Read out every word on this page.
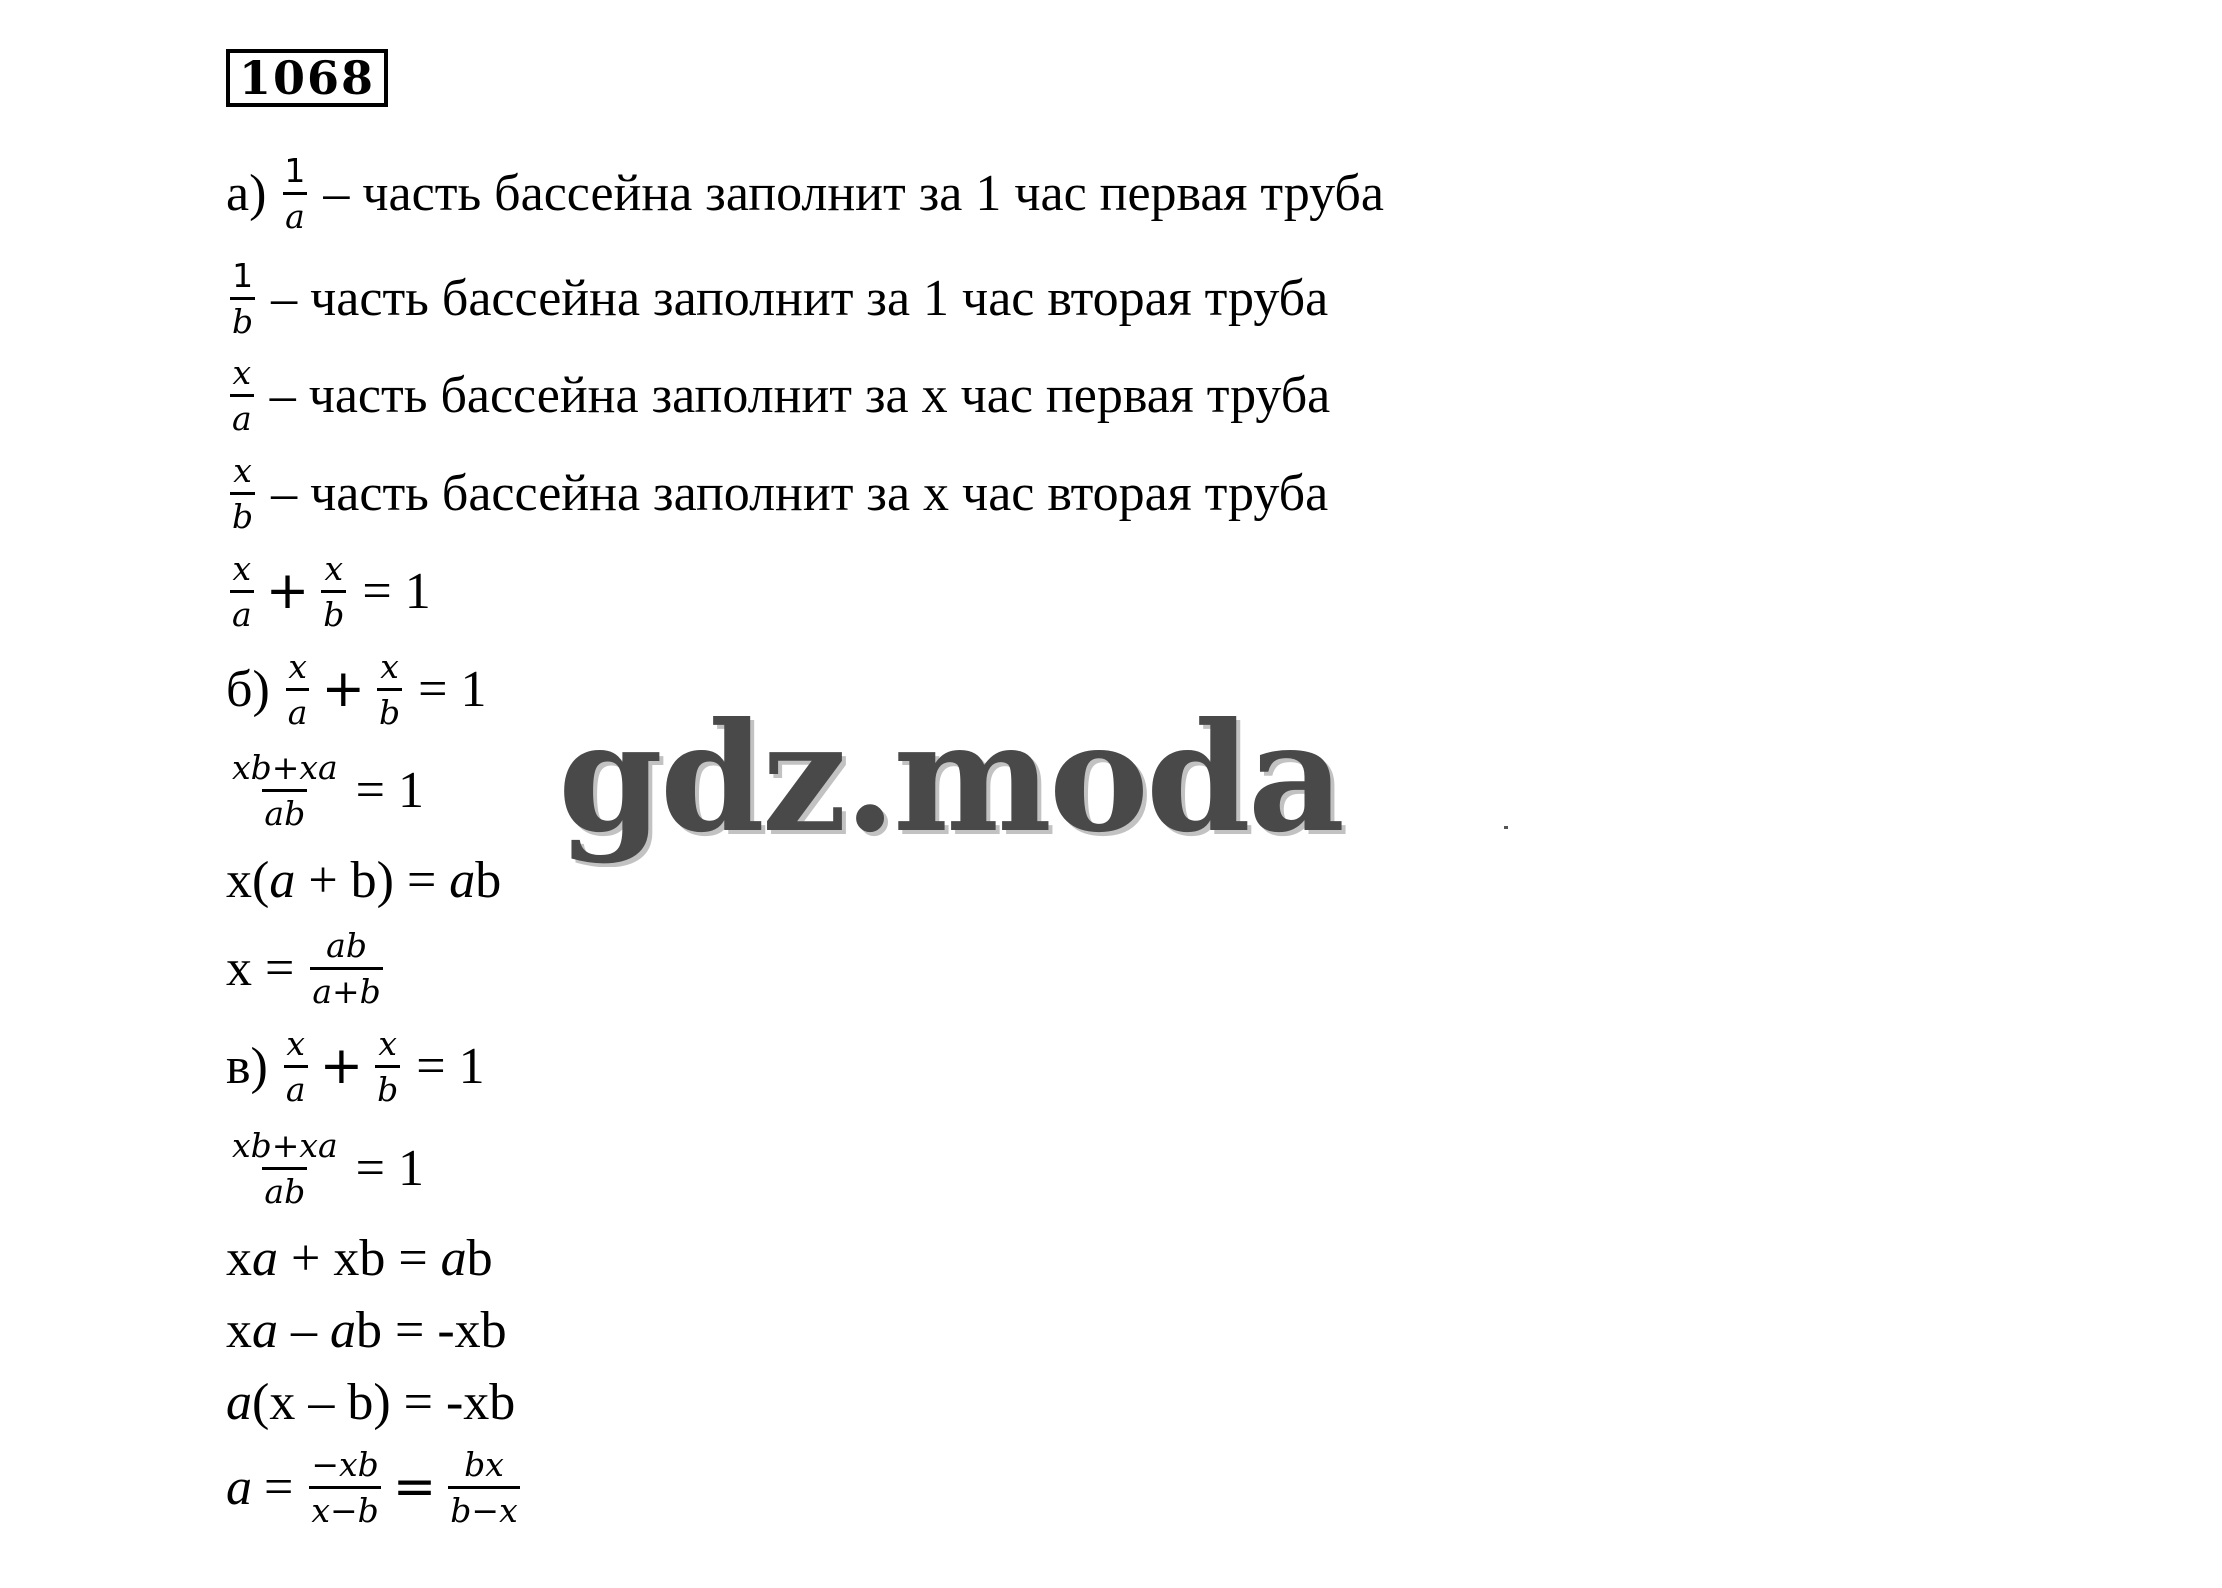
1068
$а) \frac{1}{a}$ – часть бассейна заполнит за 1 час первая труба
$\frac{1}{b}$ – часть бассейна заполнит за 1 час вторая труба
$\frac{x}{a}$ – часть бассейна заполнит за x час первая труба
$\frac{x}{b}$ – часть бассейна заполнит за x час вторая труба
$\frac{x}{a} + \frac{x}{b} = 1$
$б) \frac{x}{a} + \frac{x}{b} = 1$
$\frac{xb+xa}{ab} = 1$
x( a + b) = a b
$x = \frac{ab}{a+b}$
$в) \frac{x}{a} + \frac{x}{b} = 1$
$\frac{xb+xa}{ab} = 1$
x a + xb = a b
x a – a b = -xb
a (x – b) = -xb
$a = \frac{-xb}{x-b} = \frac{bx}{b-x}$
gdz.moda
